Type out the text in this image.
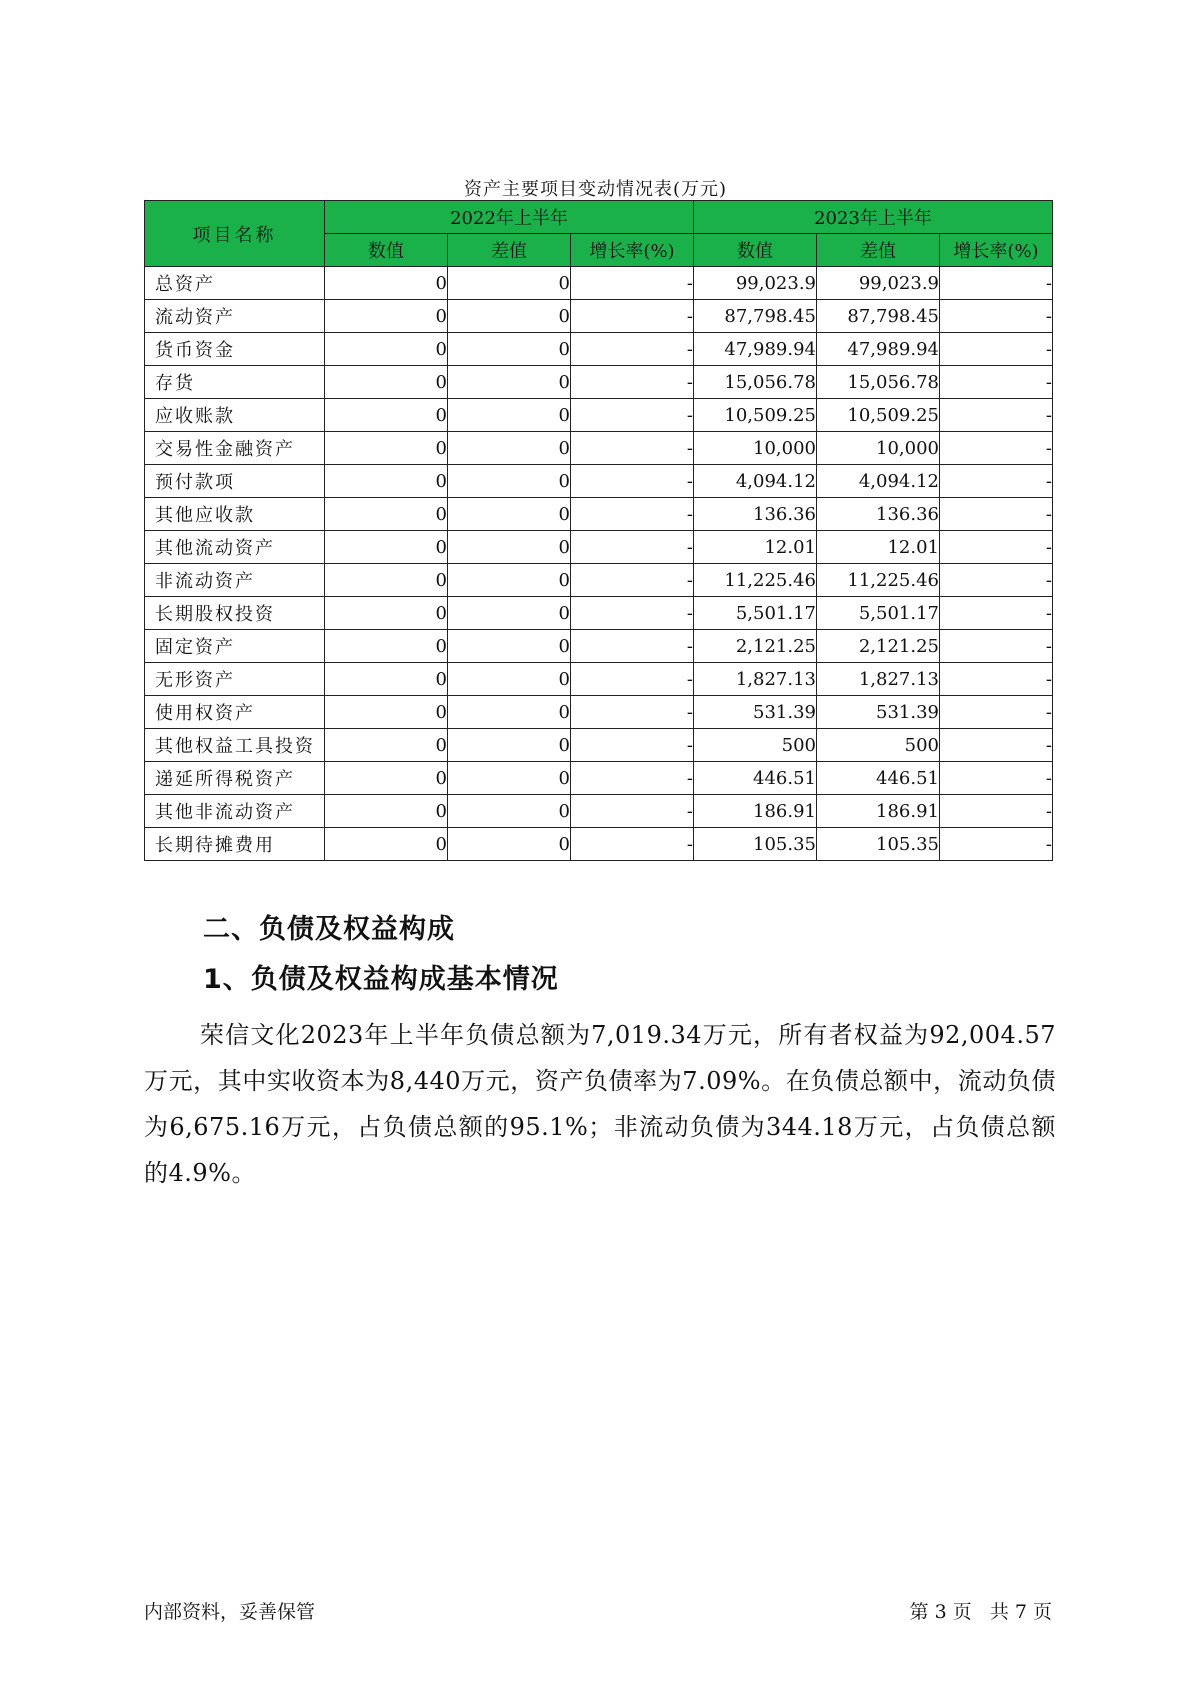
资产主要项目变动情况表(万元)
项目名称	2022年上半年			2023年上半年		
	数值	差值	增长率(%)	数值	差值	增长率(%)
总资产	0	0	-	99,023.9	99,023.9	-
流动资产	0	0	-	87,798.45	87,798.45	-
货币资金	0	0	-	47,989.94	47,989.94	-
存货	0	0	-	15,056.78	15,056.78	-
应收账款	0	0	-	10,509.25	10,509.25	-
交易性金融资产	0	0	-	10,000	10,000	-
预付款项	0	0	-	4,094.12	4,094.12	-
其他应收款	0	0	-	136.36	136.36	-
其他流动资产	0	0	-	12.01	12.01	-
非流动资产	0	0	-	11,225.46	11,225.46	-
长期股权投资	0	0	-	5,501.17	5,501.17	-
固定资产	0	0	-	2,121.25	2,121.25	-
无形资产	0	0	-	1,827.13	1,827.13	-
使用权资产	0	0	-	531.39	531.39	-
其他权益工具投资	0	0	-	500	500	-
递延所得税资产	0	0	-	446.51	446.51	-
其他非流动资产	0	0	-	186.91	186.91	-
长期待摊费用	0	0	-	105.35	105.35	-
二、负债及权益构成
1、负债及权益构成基本情况
荣信文化2023年上半年负债总额为7,019.34万元，所有者权益为92,004.57万元，其中实收资本为8,440万元，资产负债率为7.09%。在负债总额中，流动负债为6,675.16万元，占负债总额的95.1%；非流动负债为344.18万元，占负债总额的4.9%。
内部资料，妥善保管	第 3 页   共 7 页
